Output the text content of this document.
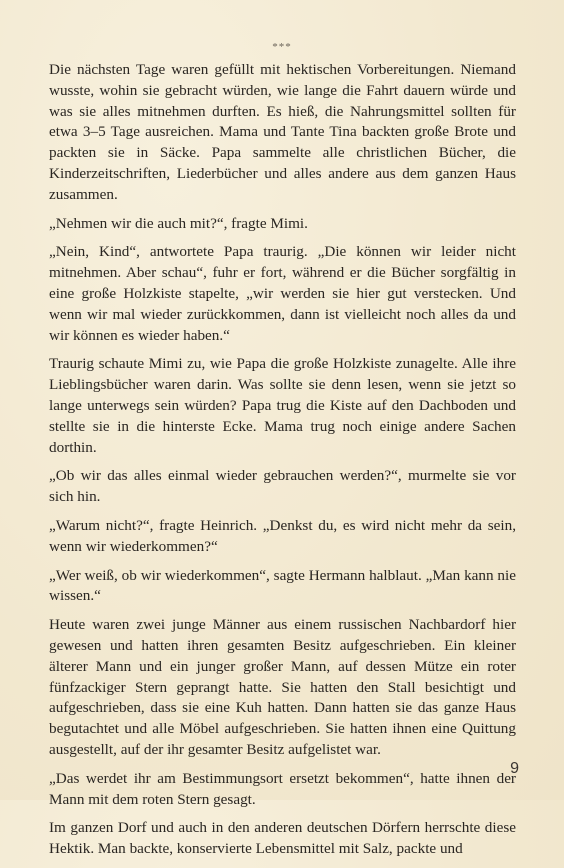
***

Die nächsten Tage waren gefüllt mit hektischen Vorbereitungen. Niemand wusste, wohin sie gebracht würden, wie lange die Fahrt dauern würde und was sie alles mitnehmen durften. Es hieß, die Nahrungsmittel sollten für etwa 3–5 Tage ausreichen. Mama und Tante Tina backten große Brote und packten sie in Säcke. Papa sammelte alle christlichen Bücher, die Kinderzeitschriften, Liederbücher und alles andere aus dem ganzen Haus zusammen.

„Nehmen wir die auch mit?“, fragte Mimi.

„Nein, Kind“, antwortete Papa traurig. „Die können wir leider nicht mitnehmen. Aber schau“, fuhr er fort, während er die Bücher sorgfältig in eine große Holzkiste stapelte, „wir werden sie hier gut verstecken. Und wenn wir mal wieder zurückkommen, dann ist vielleicht noch alles da und wir können es wieder haben.“

Traurig schaute Mimi zu, wie Papa die große Holzkiste zunagelte. Alle ihre Lieblingsbücher waren darin. Was sollte sie denn lesen, wenn sie jetzt so lange unterwegs sein würden? Papa trug die Kiste auf den Dachboden und stellte sie in die hinterste Ecke. Mama trug noch einige andere Sachen dorthin.

„Ob wir das alles einmal wieder gebrauchen werden?“, murmelte sie vor sich hin.

„Warum nicht?“, fragte Heinrich. „Denkst du, es wird nicht mehr da sein, wenn wir wiederkommen?“

„Wer weiß, ob wir wiederkommen“, sagte Hermann halblaut. „Man kann nie wissen.“

Heute waren zwei junge Männer aus einem russischen Nachbardorf hier gewesen und hatten ihren gesamten Besitz aufgeschrieben. Ein kleiner älterer Mann und ein junger großer Mann, auf dessen Mütze ein roter fünfzackiger Stern geprangt hatte. Sie hatten den Stall besichtigt und aufgeschrieben, dass sie eine Kuh hatten. Dann hatten sie das ganze Haus begutachtet und alle Möbel aufgeschrieben. Sie hatten ihnen eine Quittung ausgestellt, auf der ihr gesamter Besitz aufgelistet war.

„Das werdet ihr am Bestimmungsort ersetzt bekommen“, hatte ihnen der Mann mit dem roten Stern gesagt.

Im ganzen Dorf und auch in den anderen deutschen Dörfern herrschte diese Hektik. Man backte, konservierte Lebensmittel mit Salz, packte und

9
